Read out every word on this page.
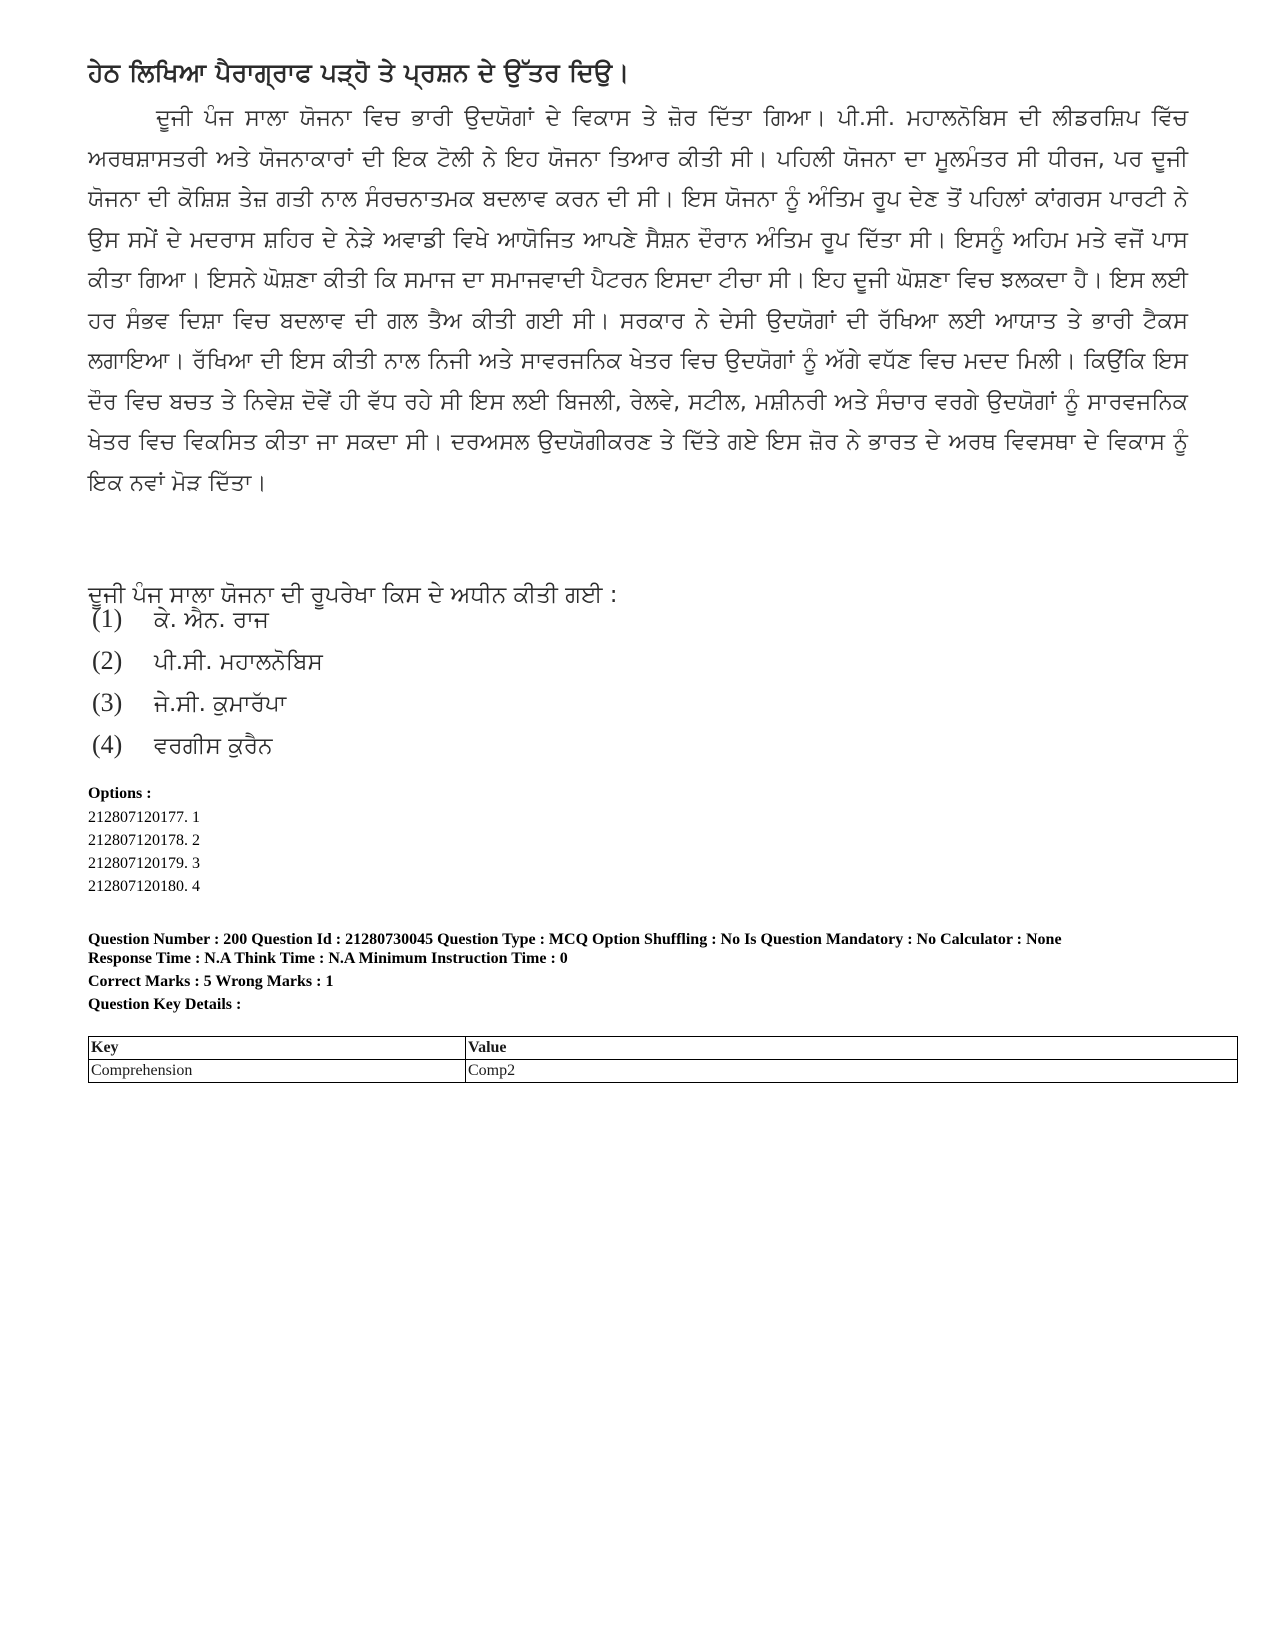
ਹੇਠ ਲਿਖਿਆ ਪੈਰਾਗ੍ਰਾਫ ਪੜ੍ਹੋ ਤੇ ਪ੍ਰਸ਼ਨ ਦੇ ਉੱਤਰ ਦਿਉ।

ਦੂਜੀ ਪੰਜ ਸਾਲਾ ਯੋਜਨਾ ਵਿਚ ਭਾਰੀ ਉਦਯੋਗਾਂ ਦੇ ਵਿਕਾਸ ਤੇ ਜ਼ੋਰ ਦਿੱਤਾ ਗਿਆ। ਪੀ.ਸੀ. ਮਹਾਲਨੋਬਿਸ ਦੀ ਲੀਡਰਸ਼ਿਪ ਵਿੱਚ ਅਰਥਸ਼ਾਸਤਰੀ ਅਤੇ ਯੋਜਨਾਕਾਰਾਂ ਦੀ ਇਕ ਟੋਲੀ ਨੇ ਇਹ ਯੋਜਨਾ ਤਿਆਰ ਕੀਤੀ ਸੀ। ਪਹਿਲੀ ਯੋਜਨਾ ਦਾ ਮੂਲਮੰਤਰ ਸੀ ਧੀਰਜ, ਪਰ ਦੂਜੀ ਯੋਜਨਾ ਦੀ ਕੋਸ਼ਿਸ਼ ਤੇਜ਼ ਗਤੀ ਨਾਲ ਸੰਰਚਨਾਤਮਕ ਬਦਲਾਵ ਕਰਨ ਦੀ ਸੀ। ਇਸ ਯੋਜਨਾ ਨੂੰ ਅੰਤਿਮ ਰੂਪ ਦੇਣ ਤੋਂ ਪਹਿਲਾਂ ਕਾਂਗਰਸ ਪਾਰਟੀ ਨੇ ਉਸ ਸਮੇਂ ਦੇ ਮਦਰਾਸ ਸ਼ਹਿਰ ਦੇ ਨੇੜੇ ਅਵਾਡੀ ਵਿਖੇ ਆਯੋਜਿਤ ਆਪਣੇ ਸੈਸ਼ਨ ਦੌਰਾਨ ਅੰਤਿਮ ਰੂਪ ਦਿੱਤਾ ਸੀ। ਇਸਨੂੰ ਅਹਿਮ ਮਤੇ ਵਜੋਂ ਪਾਸ ਕੀਤਾ ਗਿਆ। ਇਸਨੇ ਘੋਸ਼ਣਾ ਕੀਤੀ ਕਿ ਸਮਾਜ ਦਾ ਸਮਾਜਵਾਦੀ ਪੈਟਰਨ ਇਸਦਾ ਟੀਚਾ ਸੀ। ਇਹ ਦੂਜੀ ਘੋਸ਼ਣਾ ਵਿਚ ਝਲਕਦਾ ਹੈ। ਇਸ ਲਈ ਹਰ ਸੰਭਵ ਦਿਸ਼ਾ ਵਿਚ ਬਦਲਾਵ ਦੀ ਗਲ ਤੈਅ ਕੀਤੀ ਗਈ ਸੀ। ਸਰਕਾਰ ਨੇ ਦੇਸੀ ਉਦਯੋਗਾਂ ਦੀ ਰੱਖਿਆ ਲਈ ਆਯਾਤ ਤੇ ਭਾਰੀ ਟੈਕਸ ਲਗਾਇਆ। ਰੱਖਿਆ ਦੀ ਇਸ ਕੀਤੀ ਨਾਲ ਨਿਜੀ ਅਤੇ ਸਾਵਰਜਨਿਕ ਖੇਤਰ ਵਿਚ ਉਦਯੋਗਾਂ ਨੂੰ ਅੱਗੇ ਵਧੱਣ ਵਿਚ ਮਦਦ ਮਿਲੀ। ਕਿਉਂਕਿ ਇਸ ਦੌਰ ਵਿਚ ਬਚਤ ਤੇ ਨਿਵੇਸ਼ ਦੋਵੇਂ ਹੀ ਵੱਧ ਰਹੇ ਸੀ ਇਸ ਲਈ ਬਿਜਲੀ, ਰੇਲਵੇ, ਸਟੀਲ, ਮਸ਼ੀਨਰੀ ਅਤੇ ਸੰਚਾਰ ਵਰਗੇ ਉਦਯੋਗਾਂ ਨੂੰ ਸਾਰਵਜਨਿਕ ਖੇਤਰ ਵਿਚ ਵਿਕਸਿਤ ਕੀਤਾ ਜਾ ਸਕਦਾ ਸੀ। ਦਰਅਸਲ ਉਦਯੋਗੀਕਰਣ ਤੇ ਦਿੱਤੇ ਗਏ ਇਸ ਜ਼ੋਰ ਨੇ ਭਾਰਤ ਦੇ ਅਰਥ ਵਿਵਸਥਾ ਦੇ ਵਿਕਾਸ ਨੂੰ ਇਕ ਨਵਾਂ ਮੋੜ ਦਿੱਤਾ।

ਦੂਜੀ ਪੰਜ ਸਾਲਾ ਯੋਜਨਾ ਦੀ ਰੂਪਰੇਖਾ ਕਿਸ ਦੇ ਅਧੀਨ ਕੀਤੀ ਗਈ :
(1) ਕੇ. ਐਨ. ਰਾਜ
(2) ਪੀ.ਸੀ. ਮਹਾਲਨੋਬਿਸ
(3) ਜੇ.ਸੀ. ਕੁਮਾਰੱਪਾ
(4) ਵਰਗੀਸ ਕੁਰੈਨ
Options :
212807120177. 1
212807120178. 2
212807120179. 3
212807120180. 4
Question Number : 200 Question Id : 21280730045 Question Type : MCQ Option Shuffling : No Is Question Mandatory : No Calculator : None
Response Time : N.A Think Time : N.A Minimum Instruction Time : 0
Correct Marks : 5 Wrong Marks : 1
Question Key Details :
Key	Value
Comprehension	Comp2
